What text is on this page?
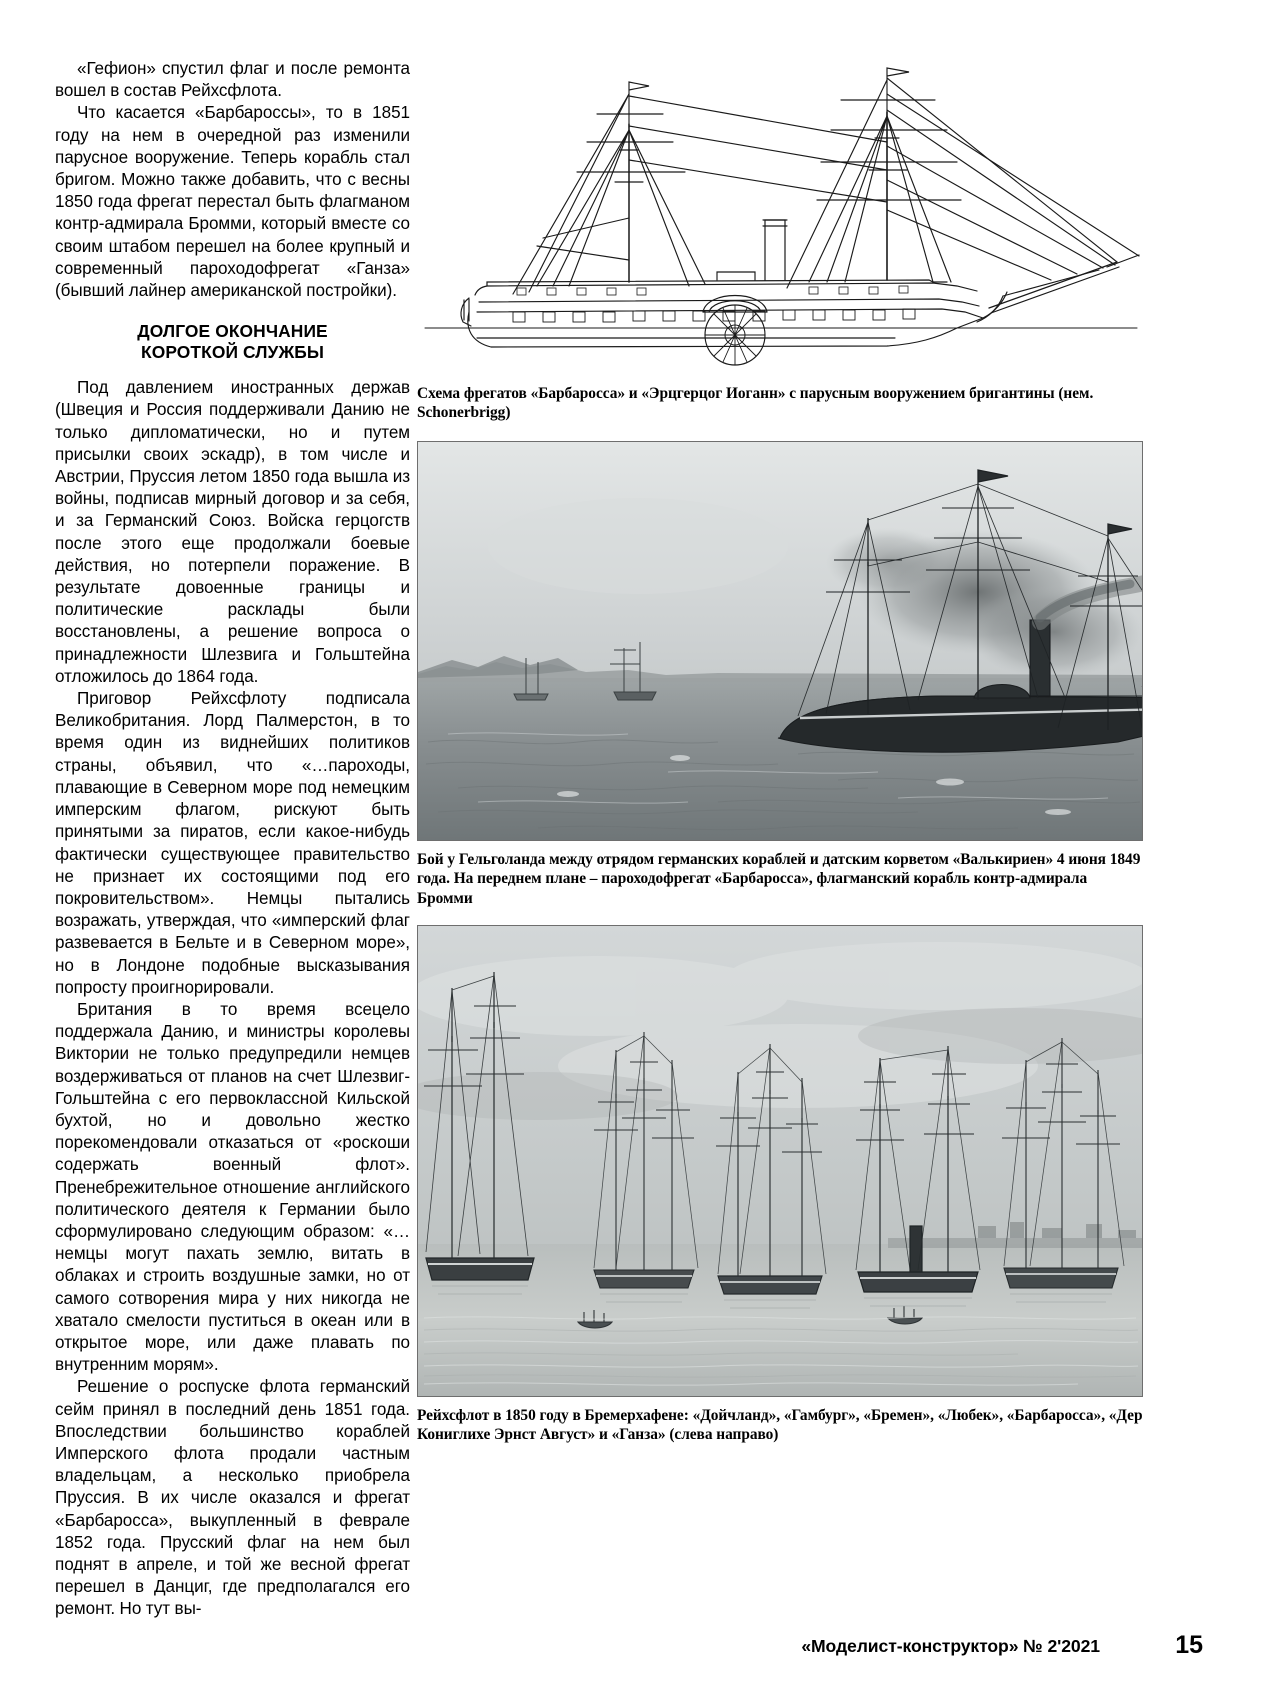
«Гефион» спустил флаг и после ремонта вошел в состав Рейхсфлота.

Что касается «Барбароссы», то в 1851 году на нем в очередной раз изменили парусное вооружение. Теперь корабль стал бригом. Можно также добавить, что с весны 1850 года фрегат перестал быть флагманом контр-адмирала Бромми, который вместе со своим штабом перешел на более крупный и современный пароходофрегат «Ганза» (бывший лайнер американской постройки).

ДОЛГОЕ ОКОНЧАНИЕ
КОРОТКОЙ СЛУЖБЫ

Под давлением иностранных держав (Швеция и Россия поддерживали Данию не только дипломатически, но и путем присылки своих эскадр), в том числе и Австрии, Пруссия летом 1850 года вышла из войны, подписав мирный договор и за себя, и за Германский Союз. Войска герцогств после этого еще продолжали боевые действия, но потерпели поражение. В результате довоенные границы и политические расклады были восстановлены, а решение вопроса о принадлежности Шлезвига и Гольштейна отложилось до 1864 года.

Приговор Рейхсфлоту подписала Великобритания. Лорд Палмерстон, в то время один из виднейших политиков страны, объявил, что «…пароходы, плавающие в Северном море под немецким имперским флагом, рискуют быть принятыми за пиратов, если какое-нибудь фактически существующее правительство не признает их состоящими под его покровительством». Немцы пытались возражать, утверждая, что «имперский флаг развевается в Бельте и в Северном море», но в Лондоне подобные высказывания попросту проигнорировали.

Британия в то время всецело поддержала Данию, и министры королевы Виктории не только предупредили немцев воздерживаться от планов на счет Шлезвиг-Гольштейна с его первоклассной Кильской бухтой, но и довольно жестко порекомендовали отказаться от «роскоши содержать военный флот». Пренебрежительное отношение английского политического деятеля к Германии было сформулировано следующим образом: «…немцы могут пахать землю, витать в облаках и строить воздушные замки, но от самого сотворения мира у них никогда не хватало смелости пуститься в океан или в открытое море, или даже плавать по внутренним морям».

Решение о роспуске флота германский сейм принял в последний день 1851 года. Впоследствии большинство кораблей Имперского флота продали частным владельцам, а несколько приобрела Пруссия. В их числе оказался и фрегат «Барбаросса», выкупленный в феврале 1852 года. Прусский флаг на нем был поднят в апреле, и той же весной фрегат перешел в Данциг, где предполагался его ремонт. Но тут вы-

Схема фрегатов «Барбаросса» и «Эрцгерцог Иоганн» с парусным вооружением бригантины (нем. Schonerbrigg)

Бой у Гельголанда между отрядом германских кораблей и датским корветом «Валькириен» 4 июня 1849 года. На переднем плане – пароходофрегат «Барбаросса», флагманский корабль контр-адмирала Бромми

Рейхсфлот в 1850 году в Бремерхафене: «Дойчланд», «Гамбург», «Бремен», «Любек», «Барбаросса», «Дер Кониглихе Эрнст Август» и «Ганза» (слева направо)

«Моделист-конструктор» № 2'2021	15
